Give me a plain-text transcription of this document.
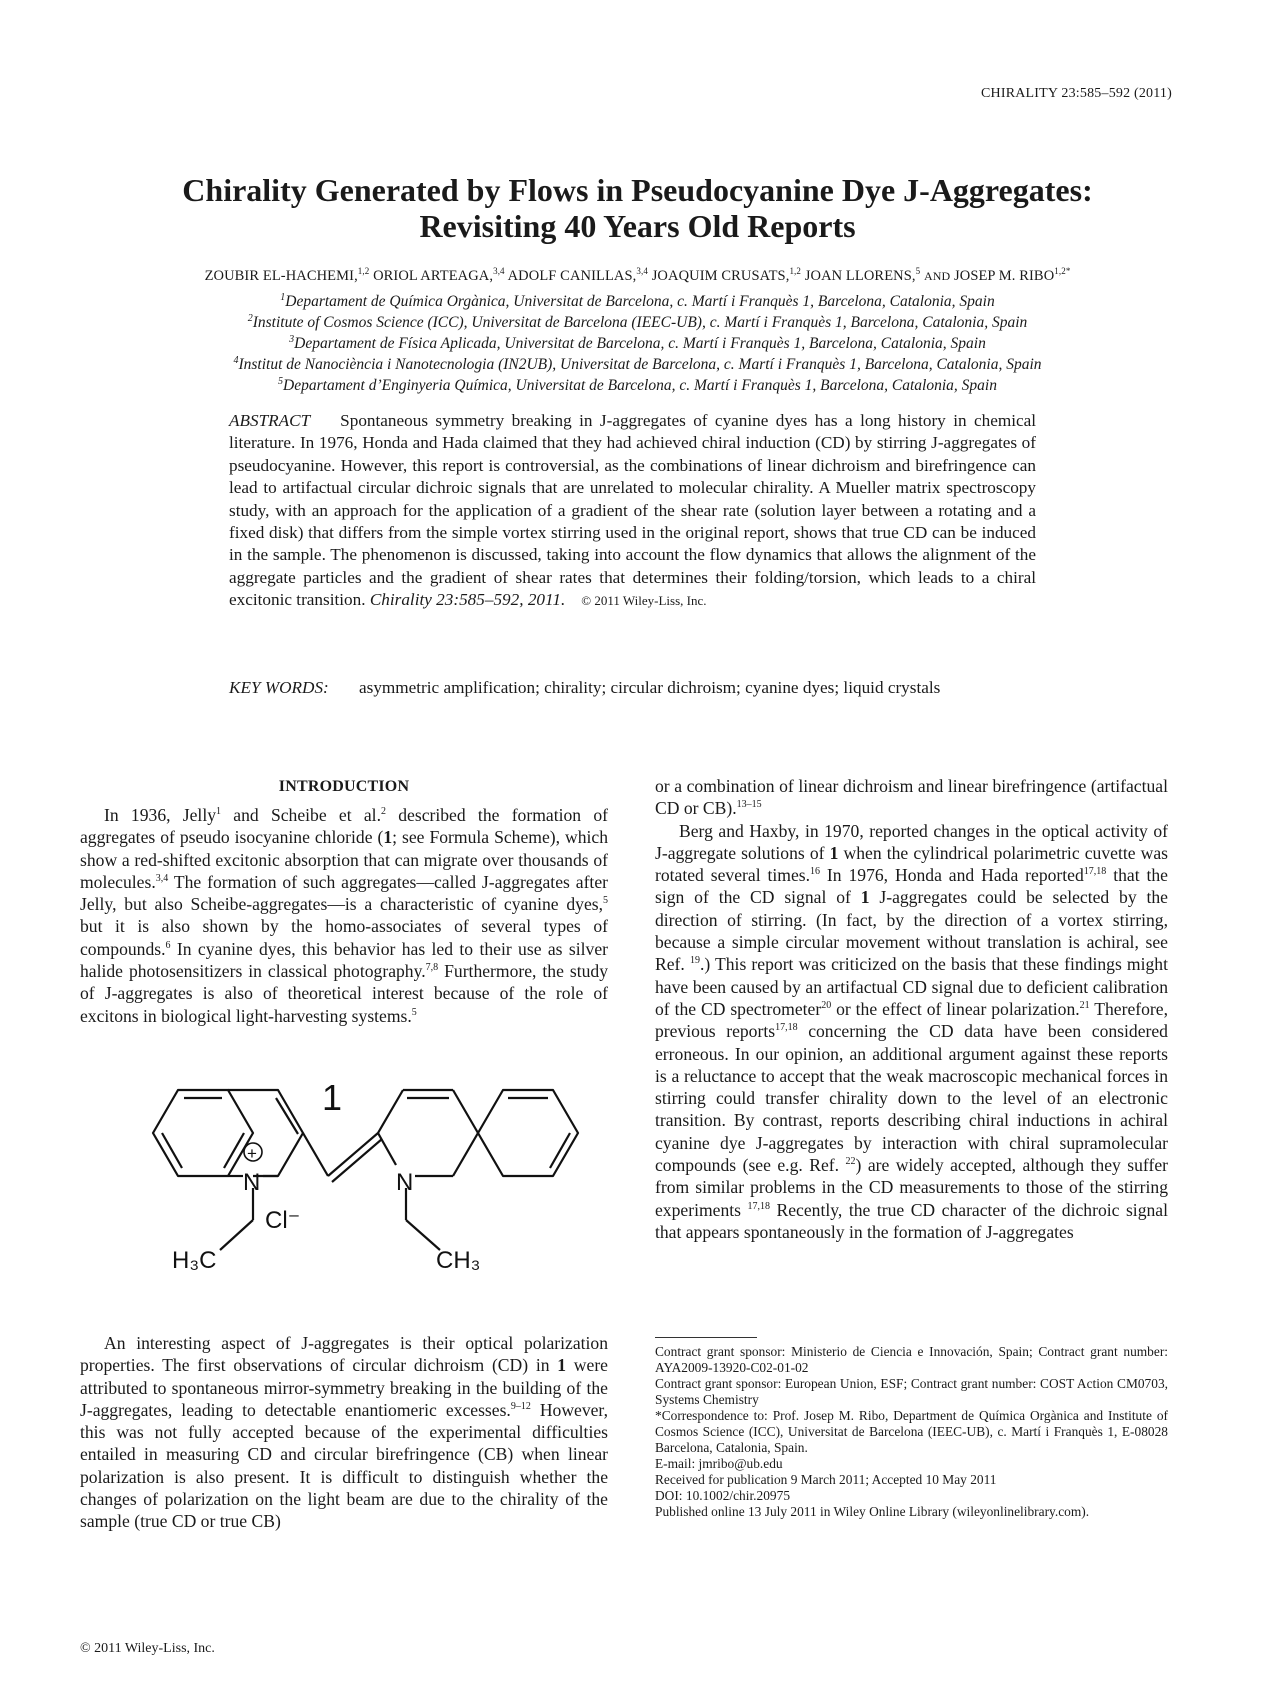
CHIRALITY 23:585–592 (2011)
Chirality Generated by Flows in Pseudocyanine Dye J-Aggregates:
Revisiting 40 Years Old Reports
ZOUBIR EL-HACHEMI,$^{1,2}$ ORIOL ARTEAGA,$^{3,4}$ ADOLF CANILLAS,$^{3,4}$ JOAQUIM CRUSATS,$^{1,2}$ JOAN LLORENS,$^5$ AND JOSEP M. $RIBO^{1,2*}$
$^1$Departament de Química Orgànica, Universitat de Barcelona, c. Martí i Franquès 1, Barcelona, Catalonia, Spain
$^2$Institute of Cosmos Science (ICC), Universitat de Barcelona (IEEC-UB), c. Martí i Franquès 1, Barcelona, Catalonia, Spain
$^3$Departament de Física Aplicada, Universitat de Barcelona, c. Martí i Franquès 1, Barcelona, Catalonia, Spain
$^4$Institut de Nanociència i Nanotecnologia (IN2UB), Universitat de Barcelona, c. Martí i Franquès 1, Barcelona, Catalonia, Spain
$^5$Departament d’Enginyeria Química, Universitat de Barcelona, c. Martí i Franquès 1, Barcelona, Catalonia, Spain
ABSTRACT Spontaneous symmetry breaking in J-aggregates of cyanine dyes has a long history in chemical literature. In 1976, Honda and Hada claimed that they had achieved chiral induction (CD) by stirring J-aggregates of pseudocyanine. However, this report is controversial, as the combinations of linear dichroism and birefringence can lead to artifactual circular dichroic signals that are unrelated to molecular chirality. A Mueller matrix spectroscopy study, with an approach for the application of a gradient of the shear rate (solution layer between a rotating and a fixed disk) that differs from the simple vortex stirring used in the original report, shows that true CD can be induced in the sample. The phenomenon is discussed, taking into account the flow dynamics that allows the alignment of the aggregate particles and the gradient of shear rates that determines their folding/torsion, which leads to a chiral excitonic transition. Chirality 23:585–592, 2011. © 2011 Wiley-Liss, Inc.
KEY WORDS: asymmetric amplification; chirality; circular dichroism; cyanine dyes; liquid crystals
INTRODUCTION

In 1936, Jelly$^1$ and Scheibe et al.$^2$ described the formation of aggregates of pseudo isocyanine chloride (1; see Formula Scheme), which show a red-shifted excitonic absorption that can migrate over thousands of molecules.$^{3,4}$ The formation of such aggregates—called J-aggregates after Jelly, but also Scheibe-aggregates—is a characteristic of cyanine dyes,$^5$ but it is also shown by the homo-associates of several types of compounds.$^6$ In cyanine dyes, this behavior has led to their use as silver halide photosensitizers in classical photography.$^{7,8}$ Furthermore, the study of J-aggregates is also of theoretical interest because of the role of excitons in biological light-harvesting systems.$^5$

1
N
+
N
Cl⁻
H₃C	CH₃

An interesting aspect of J-aggregates is their optical polarization properties. The first observations of circular dichroism (CD) in 1 were attributed to spontaneous mirror-symmetry breaking in the building of the J-aggregates, leading to detectable enantiomeric excesses.$^{9-12}$ However, this was not fully accepted because of the experimental difficulties entailed in measuring CD and circular birefringence (CB) when linear polarization is also present. It is difficult to distinguish whether the changes of polarization on the light beam are due to the chirality of the sample (true CD or true CB)

© 2011 Wiley-Liss, Inc.

or a combination of linear dichroism and linear birefringence (artifactual CD or CB).$^{13-15}$

Berg and Haxby, in 1970, reported changes in the optical activity of J-aggregate solutions of 1 when the cylindrical polarimetric cuvette was rotated several times.$^{16}$ In 1976, Honda and Hada reported$^{17,18}$ that the sign of the CD signal of 1 J-aggregates could be selected by the direction of stirring. (In fact, by the direction of a vortex stirring, because a simple circular movement without translation is achiral, see Ref. $^{19}$.) This report was criticized on the basis that these findings might have been caused by an artifactual CD signal due to deficient calibration of the CD spectrometer$^{20}$ or the effect of linear polarization.$^{21}$ Therefore, previous reports$^{17,18}$ concerning the CD data have been considered erroneous. In our opinion, an additional argument against these reports is a reluctance to accept that the weak macroscopic mechanical forces in stirring could transfer chirality down to the level of an electronic transition. By contrast, reports describing chiral inductions in achiral cyanine dye J-aggregates by interaction with chiral supramolecular compounds (see e.g. Ref. $^{22}$) are widely accepted, although they suffer from similar problems in the CD measurements to those of the stirring experiments $^{17,18}$ Recently, the true CD character of the dichroic signal that appears spontaneously in the formation of J-aggregates

Contract grant sponsor: Ministerio de Ciencia e Innovación, Spain; Contract grant number: AYA2009-13920-C02-01-02
Contract grant sponsor: European Union, ESF; Contract grant number: COST Action CM0703, Systems Chemistry
*Correspondence to: Prof. Josep M. Ribo, Department de Química Orgànica and Institute of Cosmos Science (ICC), Universitat de Barcelona (IEEC-UB), c. Martí i Franquès 1, E-08028 Barcelona, Catalonia, Spain.
E-mail: jmribo@ub.edu
Received for publication 9 March 2011; Accepted 10 May 2011
DOI: 10.1002/chir.20975
Published online 13 July 2011 in Wiley Online Library (wileyonlinelibrary.com).
